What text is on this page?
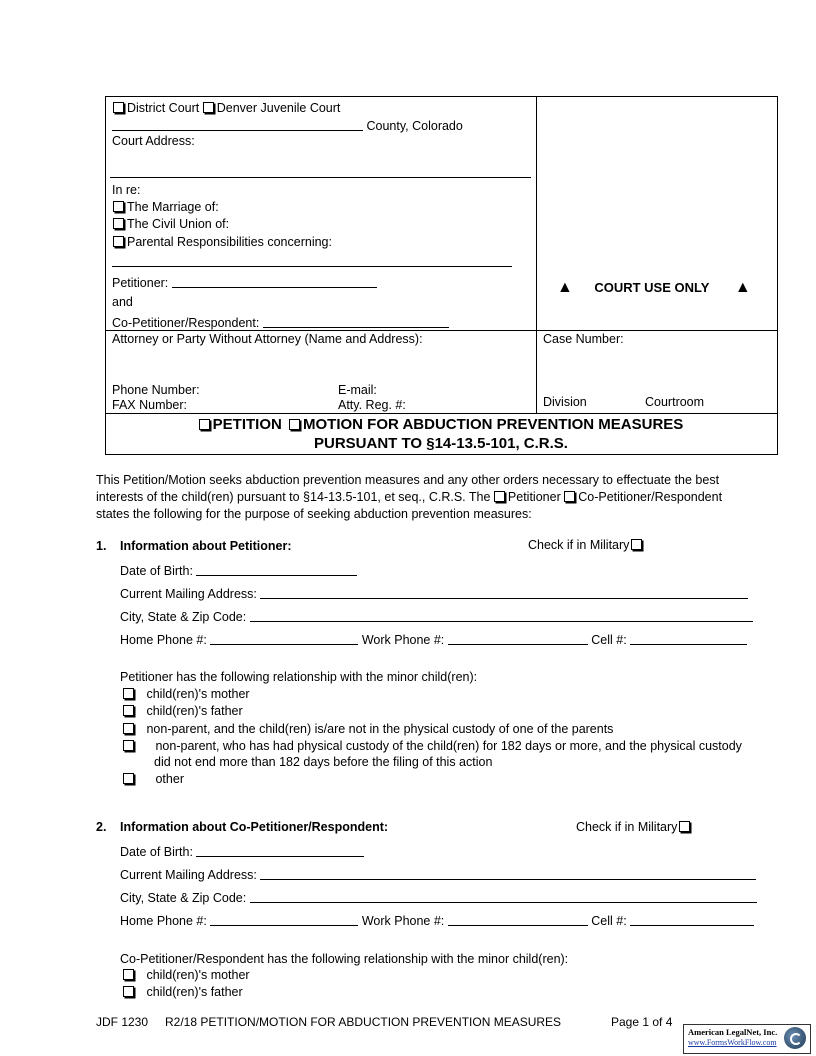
District Court Denver Juvenile Court
County, Colorado
Court Address:
In re:
The Marriage of:
The Civil Union of:
Parental Responsibilities concerning:
Petitioner:
and
Co-Petitioner/Respondent:
▲ COURT USE ONLY ▲
Attorney or Party Without Attorney (Name and Address):
Phone Number:	E-mail:
FAX Number:	Atty. Reg. #:
Case Number:
Division	Courtroom
PETITION MOTION FOR ABDUCTION PREVENTION MEASURES
PURSUANT TO §14-13.5-101, C.R.S.
This Petition/Motion seeks abduction prevention measures and any other orders necessary to effectuate the best
interests of the child(ren) pursuant to §14-13.5-101, et seq., C.R.S. The Petitioner Co-Petitioner/Respondent
states the following for the purpose of seeking abduction prevention measures:
1. Information about Petitioner:	Check if in Military
Date of Birth:
Current Mailing Address:
City, State & Zip Code:
Home Phone #:	Work Phone #:	Cell #:
Petitioner has the following relationship with the minor child(ren):
child(ren)'s mother
child(ren)'s father
non-parent, and the child(ren) is/are not in the physical custody of one of the parents
non-parent, who has had physical custody of the child(ren) for 182 days or more, and the physical custody
did not end more than 182 days before the filing of this action
other
2. Information about Co-Petitioner/Respondent:	Check if in Military
Date of Birth:
Current Mailing Address:
City, State & Zip Code:
Home Phone #:	Work Phone #:	Cell #:
Co-Petitioner/Respondent has the following relationship with the minor child(ren):
child(ren)'s mother
child(ren)'s father
JDF 1230 R2/18 PETITION/MOTION FOR ABDUCTION PREVENTION MEASURES	Page 1 of 4
American LegalNet, Inc.
www.FormsWorkFlow.com
